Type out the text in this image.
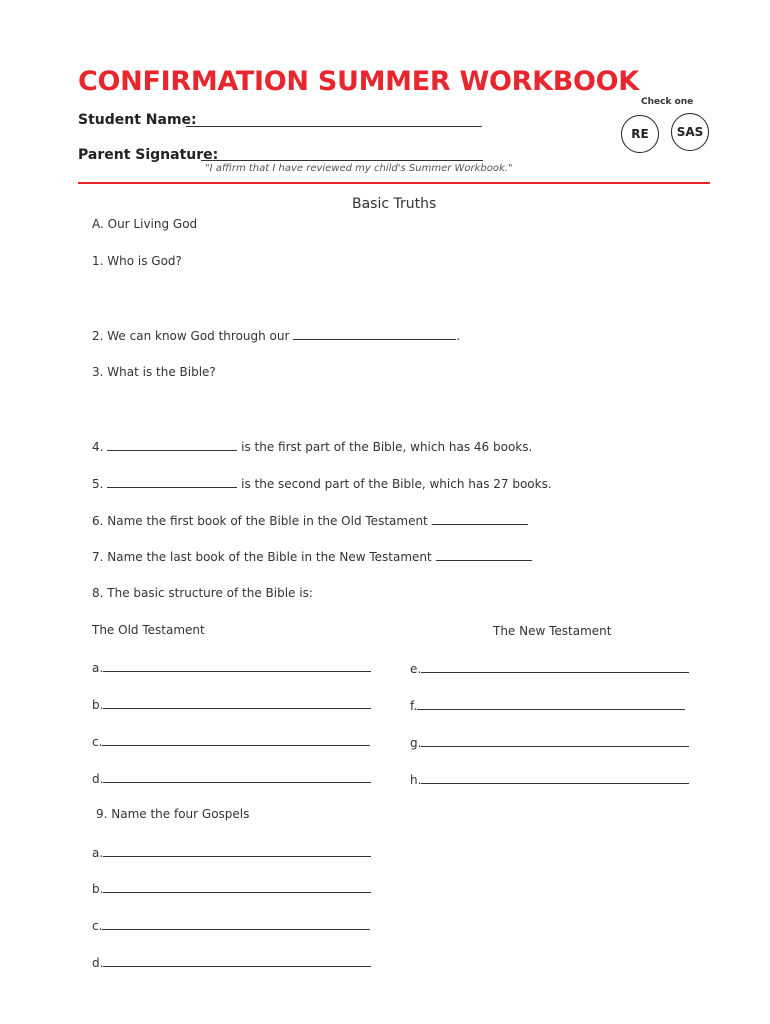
CONFIRMATION SUMMER WORKBOOK
Student Name:
Parent Signature:
"I affirm that I have reviewed my child's Summer Workbook."
Check one
RE SAS
Basic Truths
A. Our Living God
1. Who is God?
2. We can know God through our	.
3. What is the Bible?
4.	is the first part of the Bible, which has 46 books.
5.	is the second part of the Bible, which has 27 books.
6. Name the first book of the Bible in the Old Testament
7. Name the last book of the Bible in the New Testament
8. The basic structure of the Bible is:
The Old Testament	The New Testament
a.
b.
c.
d.
e.
f.
g.
h.
9. Name the four Gospels
a.
b.
c.
d.
